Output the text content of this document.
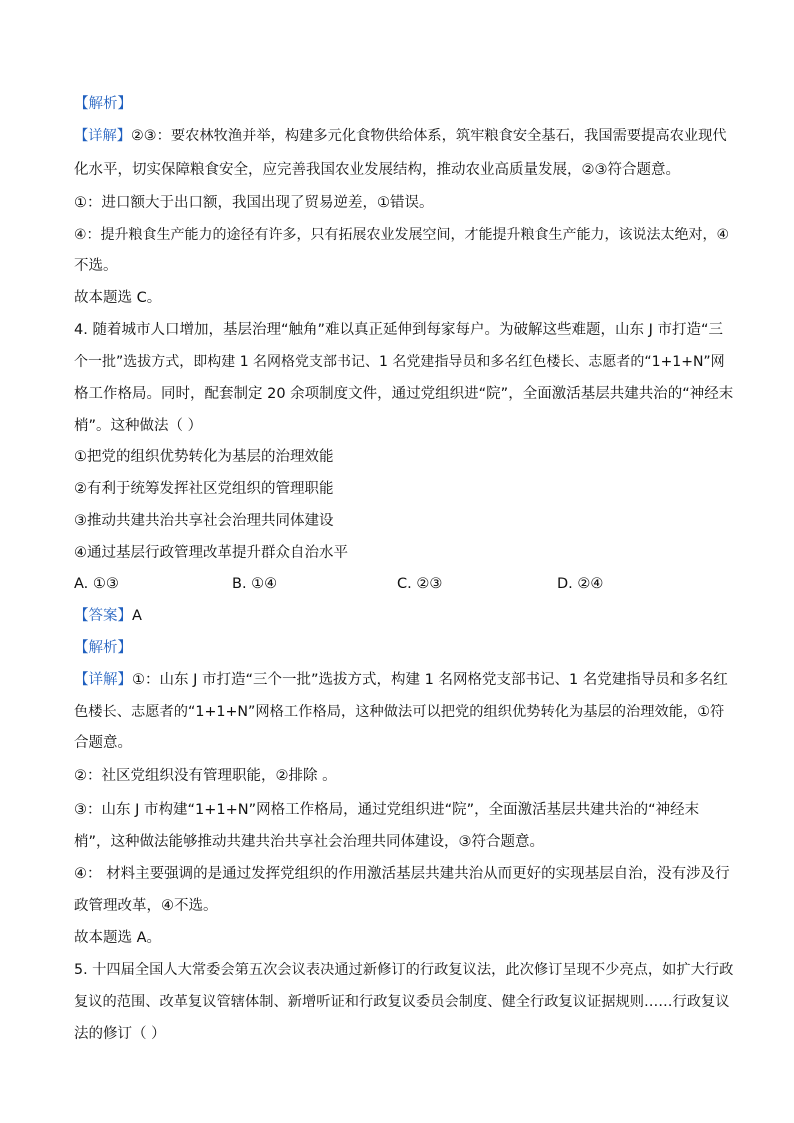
【解析】
【详解】②③：要农林牧渔并举，构建多元化食物供给体系，筑牢粮食安全基石，我国需要提高农业现代
化水平，切实保障粮食安全，应完善我国农业发展结构，推动农业高质量发展，②③符合题意。
①：进口额大于出口额，我国出现了贸易逆差，①错误。
④：提升粮食生产能力的途径有许多，只有拓展农业发展空间，才能提升粮食生产能力，该说法太绝对，④
不选。
故本题选 C。
4. 随着城市人口增加，基层治理“触角”难以真正延伸到每家每户。为破解这些难题，山东 J 市打造“三
个一批”选拔方式，即构建 1 名网格党支部书记、1 名党建指导员和多名红色楼长、志愿者的“1+1+N”网
格工作格局。同时，配套制定 20 余项制度文件，通过党组织进“院”，全面激活基层共建共治的“神经末
梢”。这种做法（ ）
①把党的组织优势转化为基层的治理效能
②有利于统筹发挥社区党组织的管理职能
③推动共建共治共享社会治理共同体建设
④通过基层行政管理改革提升群众自治水平
A. ①③	B. ①④	C. ②③	D. ②④
【答案】A
【解析】
【详解】①：山东 J 市打造“三个一批”选拔方式，构建 1 名网格党支部书记、1 名党建指导员和多名红
色楼长、志愿者的“1+1+N”网格工作格局，这种做法可以把党的组织优势转化为基层的治理效能，①符
合题意。
②：社区党组织没有管理职能，②排除 。
③：山东 J 市构建“1+1+N”网格工作格局，通过党组织进“院”，全面激活基层共建共治的“神经末
梢”，这种做法能够推动共建共治共享社会治理共同体建设，③符合题意。
④： 材料主要强调的是通过发挥党组织的作用激活基层共建共治从而更好的实现基层自治，没有涉及行
政管理改革，④不选。
故本题选 A。
5. 十四届全国人大常委会第五次会议表决通过新修订的行政复议法，此次修订呈现不少亮点，如扩大行政
复议的范围、改革复议管辖体制、新增听证和行政复议委员会制度、健全行政复议证据规则……行政复议
法的修订（ ）
